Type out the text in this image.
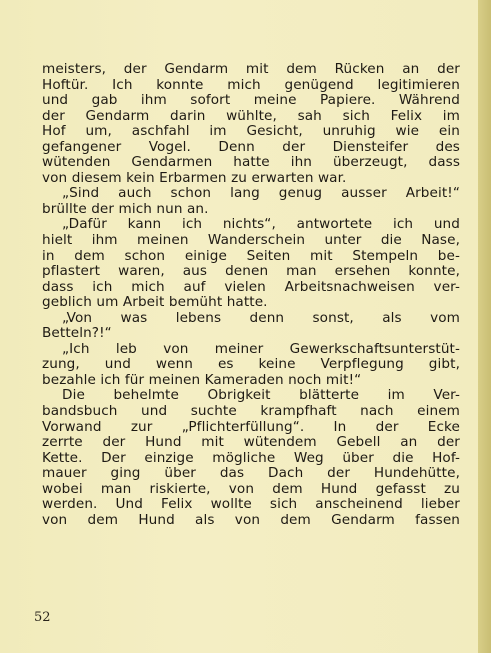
meisters, der Gendarm mit dem Rücken an der
Hoftür. Ich konnte mich genügend legitimieren
und gab ihm sofort meine Papiere. Während
der Gendarm darin wühlte, sah sich Felix im
Hof um, aschfahl im Gesicht, unruhig wie ein
gefangener Vogel. Denn der Diensteifer des
wütenden Gendarmen hatte ihn überzeugt, dass
von diesem kein Erbarmen zu erwarten war.
„Sind auch schon lang genug ausser Arbeit!“
brüllte der mich nun an.
„Dafür kann ich nichts“, antwortete ich und
hielt ihm meinen Wanderschein unter die Nase,
in dem schon einige Seiten mit Stempeln be-
pflastert waren, aus denen man ersehen konnte,
dass ich mich auf vielen Arbeitsnachweisen ver-
geblich um Arbeit bemüht hatte.
„Von was lebens denn sonst, als vom
Betteln?!“
„Ich leb von meiner Gewerkschaftsunterstüt-
zung, und wenn es keine Verpflegung gibt,
bezahle ich für meinen Kameraden noch mit!“
Die behelmte Obrigkeit blätterte im Ver-
bandsbuch und suchte krampfhaft nach einem
Vorwand zur „Pflichterfüllung“. In der Ecke
zerrte der Hund mit wütendem Gebell an der
Kette. Der einzige mögliche Weg über die Hof-
mauer ging über das Dach der Hundehütte,
wobei man riskierte, von dem Hund gefasst zu
werden. Und Felix wollte sich anscheinend lieber
von dem Hund als von dem Gendarm fassen
52
